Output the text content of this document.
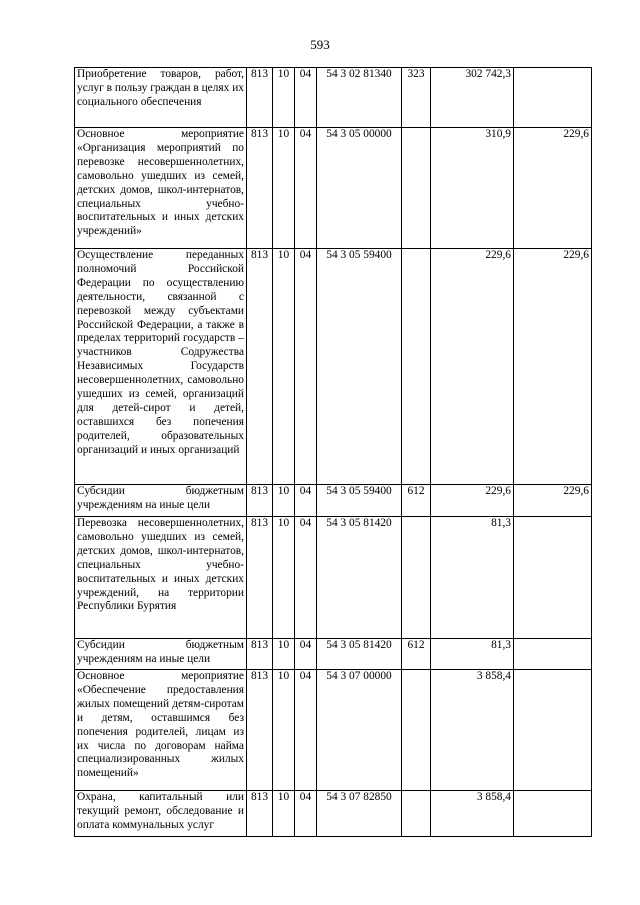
593
Приобретение товаров, работ, услуг в пользу граждан в целях их социального обеспечения	813	10	04	54 3 02 81340	323	302 742,3	
Основное мероприятие «Организация мероприятий по перевозке несовершеннолетних, самовольно ушедших из семей, детских домов, школ-интернатов, специальных учебно-воспитательных и иных детских учреждений»	813	10	04	54 3 05 00000		310,9	229,6
Осуществление переданных полномочий Российской Федерации по осуществлению деятельности, связанной с перевозкой между субъектами Российской Федерации, а также в пределах территорий государств – участников Содружества Независимых Государств несовершеннолетних, самовольно ушедших из семей, организаций для детей-сирот и детей, оставшихся без попечения родителей, образовательных организаций и иных организаций	813	10	04	54 3 05 59400		229,6	229,6
Субсидии бюджетным учреждениям на иные цели	813	10	04	54 3 05 59400	612	229,6	229,6
Перевозка несовершеннолетних, самовольно ушедших из семей, детских домов, школ-интернатов, специальных учебно-воспитательных и иных детских учреждений, на территории Республики Бурятия	813	10	04	54 3 05 81420		81,3	
Субсидии бюджетным учреждениям на иные цели	813	10	04	54 3 05 81420	612	81,3	
Основное мероприятие «Обеспечение предоставления жилых помещений детям-сиротам и детям, оставшимся без попечения родителей, лицам из их числа по договорам найма специализированных жилых помещений»	813	10	04	54 3 07 00000		3 858,4	
Охрана, капитальный или текущий ремонт, обследование и оплата коммунальных услуг	813	10	04	54 3 07 82850		3 858,4	
